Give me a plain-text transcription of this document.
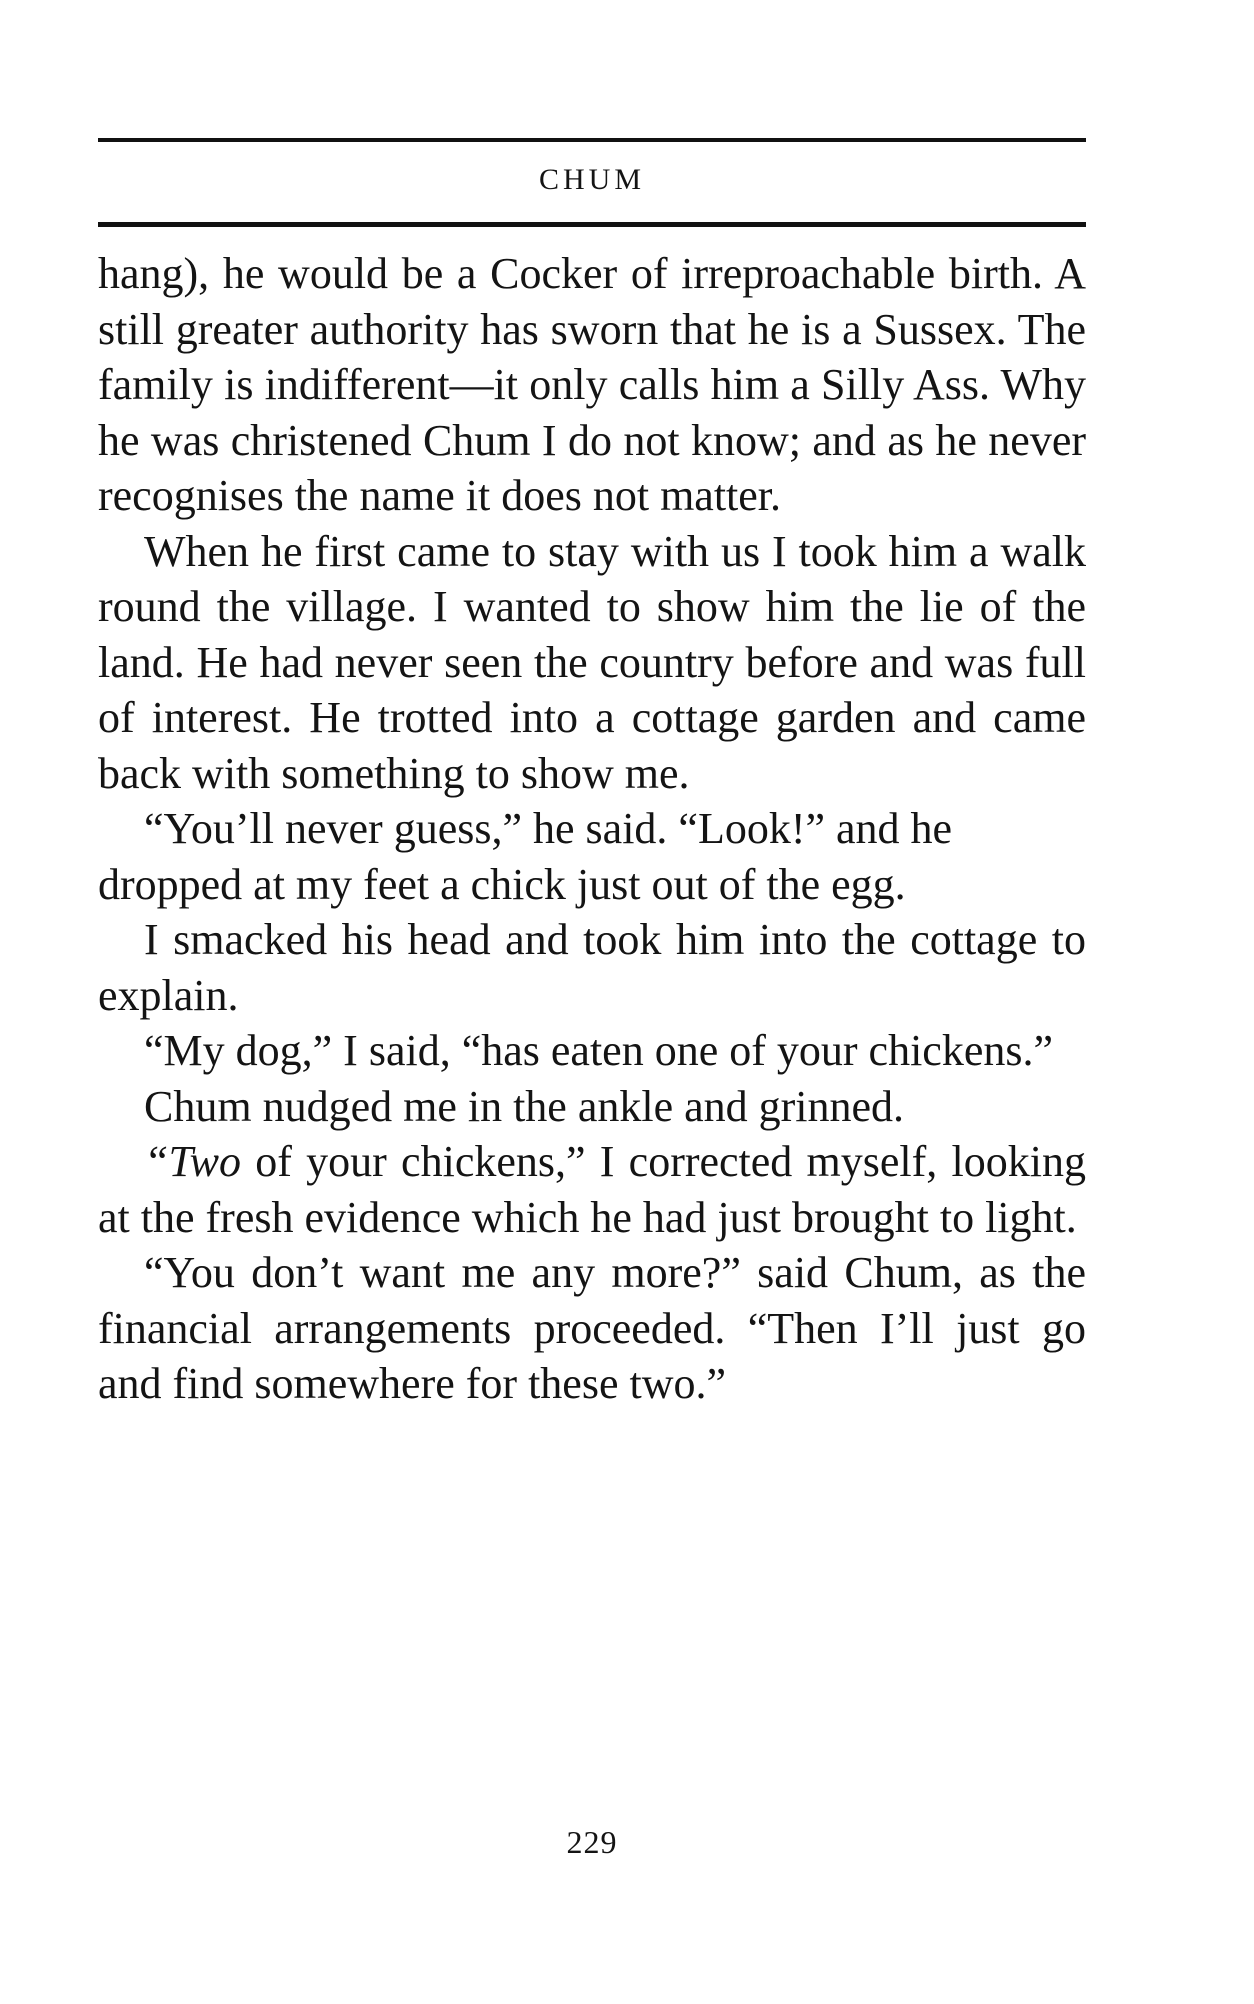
CHUM

hang), he would be a Cocker of irreproachable birth. A still greater authority has sworn that he is a Sussex. The family is indifferent—it only calls him a Silly Ass. Why he was christened Chum I do not know; and as he never recognises the name it does not matter.

When he first came to stay with us I took him a walk round the village. I wanted to show him the lie of the land. He had never seen the country before and was full of interest. He trotted into a cottage garden and came back with something to show me.

“You’ll never guess,” he said. “Look!” and he dropped at my feet a chick just out of the egg.

I smacked his head and took him into the cottage to explain.

“My dog,” I said, “has eaten one of your chickens.”

Chum nudged me in the ankle and grinned.

“Two of your chickens,” I corrected myself, looking at the fresh evidence which he had just brought to light.

“You don’t want me any more?” said Chum, as the financial arrangements proceeded. “Then I’ll just go and find somewhere for these two.”

229
